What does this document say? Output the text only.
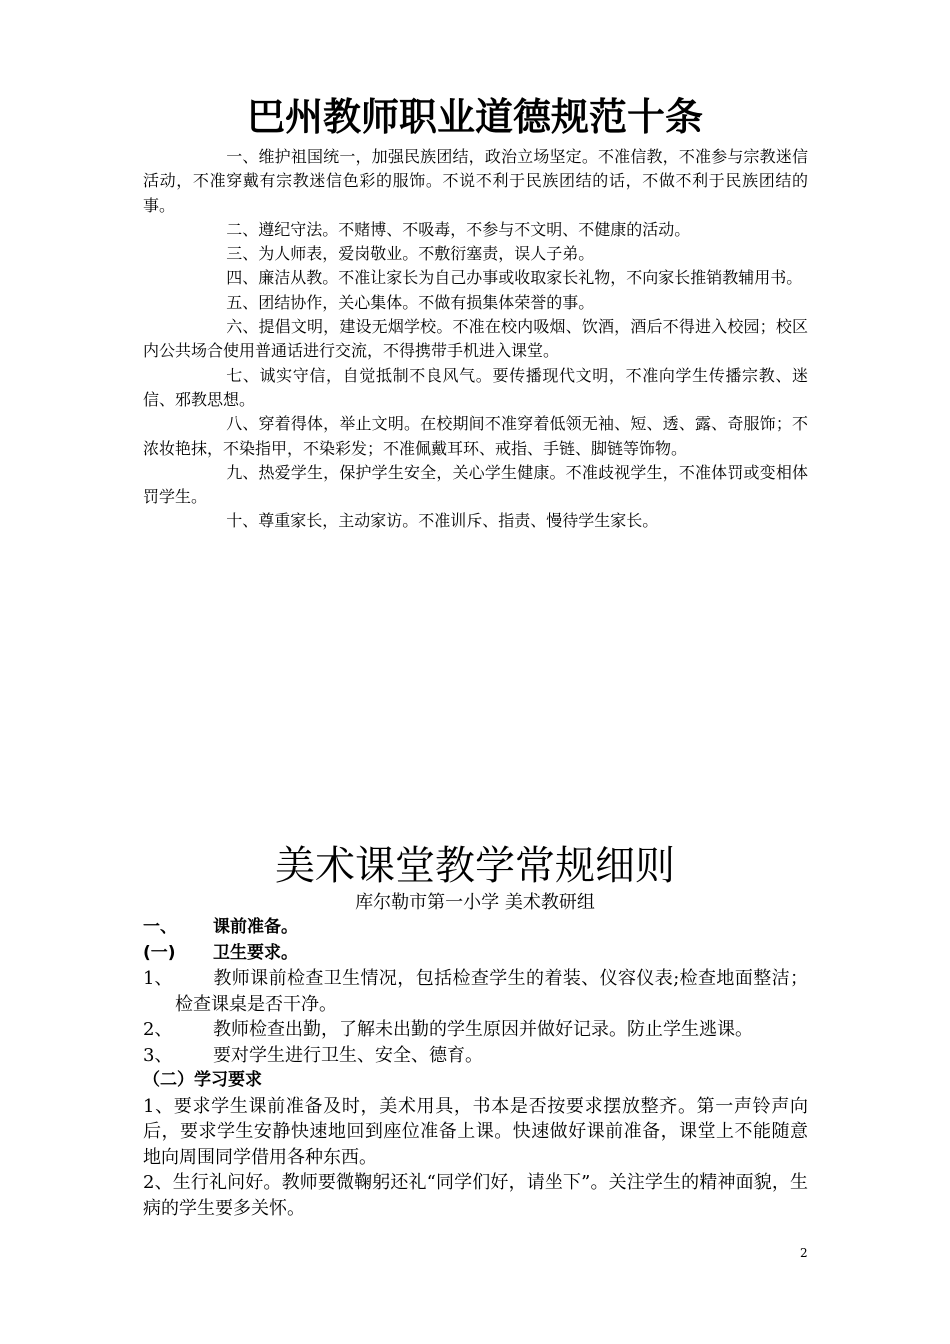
巴州教师职业道德规范十条

一、维护祖国统一，加强民族团结，政治立场坚定。不准信教，不准参与宗教迷信活动，不准穿戴有宗教迷信色彩的服饰。不说不利于民族团结的话，不做不利于民族团结的事。

二、遵纪守法。不赌博、不吸毒，不参与不文明、不健康的活动。

三、为人师表，爱岗敬业。不敷衍塞责，误人子弟。

四、廉洁从教。不准让家长为自己办事或收取家长礼物，不向家长推销教辅用书。

五、团结协作，关心集体。不做有损集体荣誉的事。

六、提倡文明，建设无烟学校。不准在校内吸烟、饮酒，酒后不得进入校园；校区内公共场合使用普通话进行交流，不得携带手机进入课堂。

七、诚实守信，自觉抵制不良风气。要传播现代文明，不准向学生传播宗教、迷信、邪教思想。

八、穿着得体，举止文明。在校期间不准穿着低领无袖、短、透、露、奇服饰；不浓妆艳抹，不染指甲，不染彩发；不准佩戴耳环、戒指、手链、脚链等饰物。

九、热爱学生，保护学生安全，关心学生健康。不准歧视学生，不准体罚或变相体罚学生。

十、尊重家长，主动家访。不准训斥、指责、慢待学生家长。

美术课堂教学常规细则
库尔勒市第一小学 美术教研组
一、	课前准备。
(一)	卫生要求。

1、 教师课前检查卫生情况，包括检查学生的着装、仪容仪表;检查地面整洁；检查课桌是否干净。

2、 教师检查出勤，了解未出勤的学生原因并做好记录。防止学生逃课。

3、 要对学生进行卫生、安全、德育。

（二）学习要求

1、要求学生课前准备及时，美术用具，书本是否按要求摆放整齐。第一声铃声向后，要求学生安静快速地回到座位准备上课。快速做好课前准备，课堂上不能随意地向周围同学借用各种东西。

2、生行礼问好。教师要微鞠躬还礼“同学们好，请坐下”。关注学生的精神面貌，生病的学生要多关怀。

2
